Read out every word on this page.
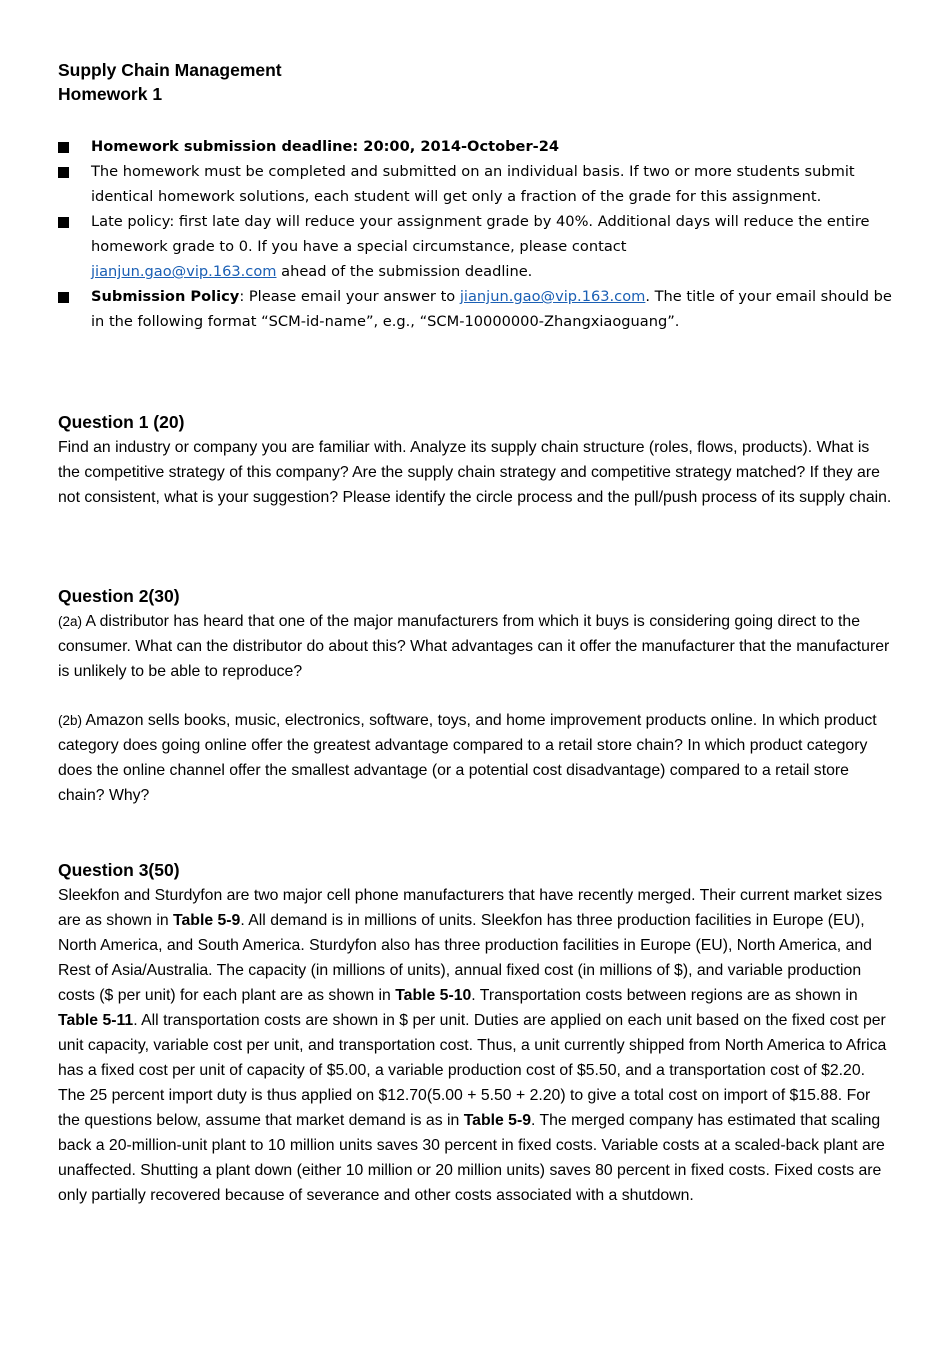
Supply Chain Management
Homework 1
Homework submission deadline: 20:00, 2014-October-24
The homework must be completed and submitted on an individual basis. If two or more students submit identical homework solutions, each student will get only a fraction of the grade for this assignment.
Late policy: first late day will reduce your assignment grade by 40%. Additional days will reduce the entire homework grade to 0. If you have a special circumstance, please contact
jianjun.gao@vip.163.com ahead of the submission deadline.
Submission Policy: Please email your answer to jianjun.gao@vip.163.com. The title of your email should be in the following format “SCM-id-name”, e.g., “SCM-10000000-Zhangxiaoguang”.
Question 1 (20)
Find an industry or company you are familiar with. Analyze its supply chain structure (roles, flows, products). What is the competitive strategy of this company? Are the supply chain strategy and competitive strategy matched? If they are not consistent, what is your suggestion? Please identify the circle process and the pull/push process of its supply chain.
Question 2(30)
(2a) A distributor has heard that one of the major manufacturers from which it buys is considering going direct to the consumer. What can the distributor do about this? What advantages can it offer the manufacturer that the manufacturer is unlikely to be able to reproduce?
(2b) Amazon sells books, music, electronics, software, toys, and home improvement products online. In which product category does going online offer the greatest advantage compared to a retail store chain? In which product category does the online channel offer the smallest advantage (or a potential cost disadvantage) compared to a retail store chain? Why?
Question 3(50)
Sleekfon and Sturdyfon are two major cell phone manufacturers that have recently merged. Their current market sizes are as shown in Table 5-9. All demand is in millions of units. Sleekfon has three production facilities in Europe (EU), North America, and South America. Sturdyfon also has three production facilities in Europe (EU), North America, and Rest of Asia/Australia. The capacity (in millions of units), annual fixed cost (in millions of $), and variable production costs ($ per unit) for each plant are as shown in Table 5-10. Transportation costs between regions are as shown in Table 5-11. All transportation costs are shown in $ per unit. Duties are applied on each unit based on the fixed cost per unit capacity, variable cost per unit, and transportation cost. Thus, a unit currently shipped from North America to Africa has a fixed cost per unit of capacity of $5.00, a variable production cost of $5.50, and a transportation cost of $2.20. The 25 percent import duty is thus applied on $12.70(5.00 + 5.50 + 2.20) to give a total cost on import of $15.88. For the questions below, assume that market demand is as in Table 5-9. The merged company has estimated that scaling back a 20-million-unit plant to 10 million units saves 30 percent in fixed costs. Variable costs at a scaled-back plant are unaffected. Shutting a plant down (either 10 million or 20 million units) saves 80 percent in fixed costs. Fixed costs are only partially recovered because of severance and other costs associated with a shutdown.
